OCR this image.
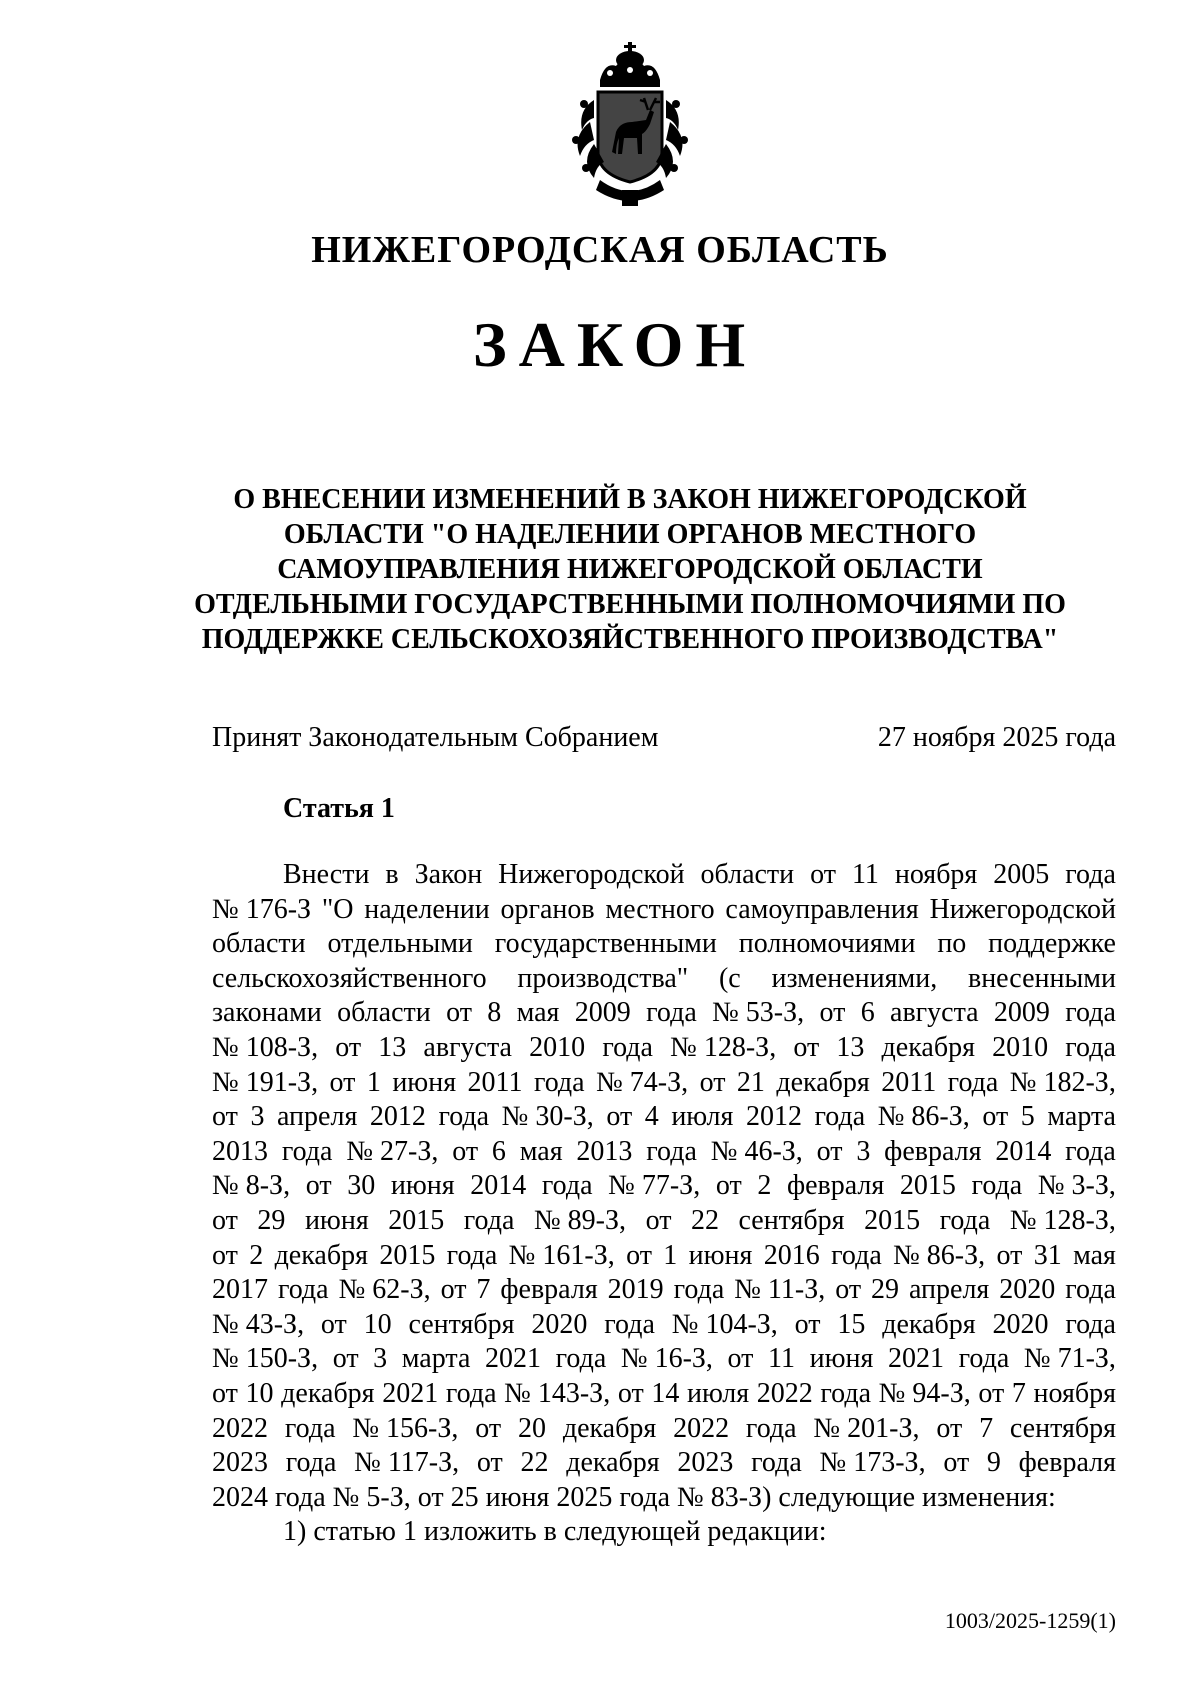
НИЖЕГОРОДСКАЯ ОБЛАСТЬ
ЗАКОН
О ВНЕСЕНИИ ИЗМЕНЕНИЙ В ЗАКОН НИЖЕГОРОДСКОЙ
ОБЛАСТИ "О НАДЕЛЕНИИ ОРГАНОВ МЕСТНОГО
САМОУПРАВЛЕНИЯ НИЖЕГОРОДСКОЙ ОБЛАСТИ
ОТДЕЛЬНЫМИ ГОСУДАРСТВЕННЫМИ ПОЛНОМОЧИЯМИ ПО
ПОДДЕРЖКЕ СЕЛЬСКОХОЗЯЙСТВЕННОГО ПРОИЗВОДСТВА"
Принят Законодательным Собранием	27 ноября 2025 года
Статья 1
Внести в Закон Нижегородской области от 11 ноября 2005 года
№ 176-З "О наделении органов местного самоуправления Нижегородской
области отдельными государственными полномочиями по поддержке
сельскохозяйственного производства" (с изменениями, внесенными
законами области от 8 мая 2009 года № 53-З, от 6 августа 2009 года
№ 108-З, от 13 августа 2010 года № 128-З, от 13 декабря 2010 года
№ 191-З, от 1 июня 2011 года № 74-З, от 21 декабря 2011 года № 182-З,
от 3 апреля 2012 года № 30-З, от 4 июля 2012 года № 86-З, от 5 марта
2013 года № 27-З, от 6 мая 2013 года № 46-З, от 3 февраля 2014 года
№ 8-З, от 30 июня 2014 года № 77-З, от 2 февраля 2015 года № 3-З,
от 29 июня 2015 года № 89-З, от 22 сентября 2015 года № 128-З,
от 2 декабря 2015 года № 161-З, от 1 июня 2016 года № 86-З, от 31 мая
2017 года № 62-З, от 7 февраля 2019 года № 11-З, от 29 апреля 2020 года
№ 43-З, от 10 сентября 2020 года № 104-З, от 15 декабря 2020 года
№ 150-З, от 3 марта 2021 года № 16-З, от 11 июня 2021 года № 71-З,
от 10 декабря 2021 года № 143-З, от 14 июля 2022 года № 94-З, от 7 ноября
2022 года № 156-З, от 20 декабря 2022 года № 201-З, от 7 сентября
2023 года № 117-З, от 22 декабря 2023 года № 173-З, от 9 февраля
2024 года № 5-З, от 25 июня 2025 года № 83-З) следующие изменения:
1) статью 1 изложить в следующей редакции:
1003/2025-1259(1)
